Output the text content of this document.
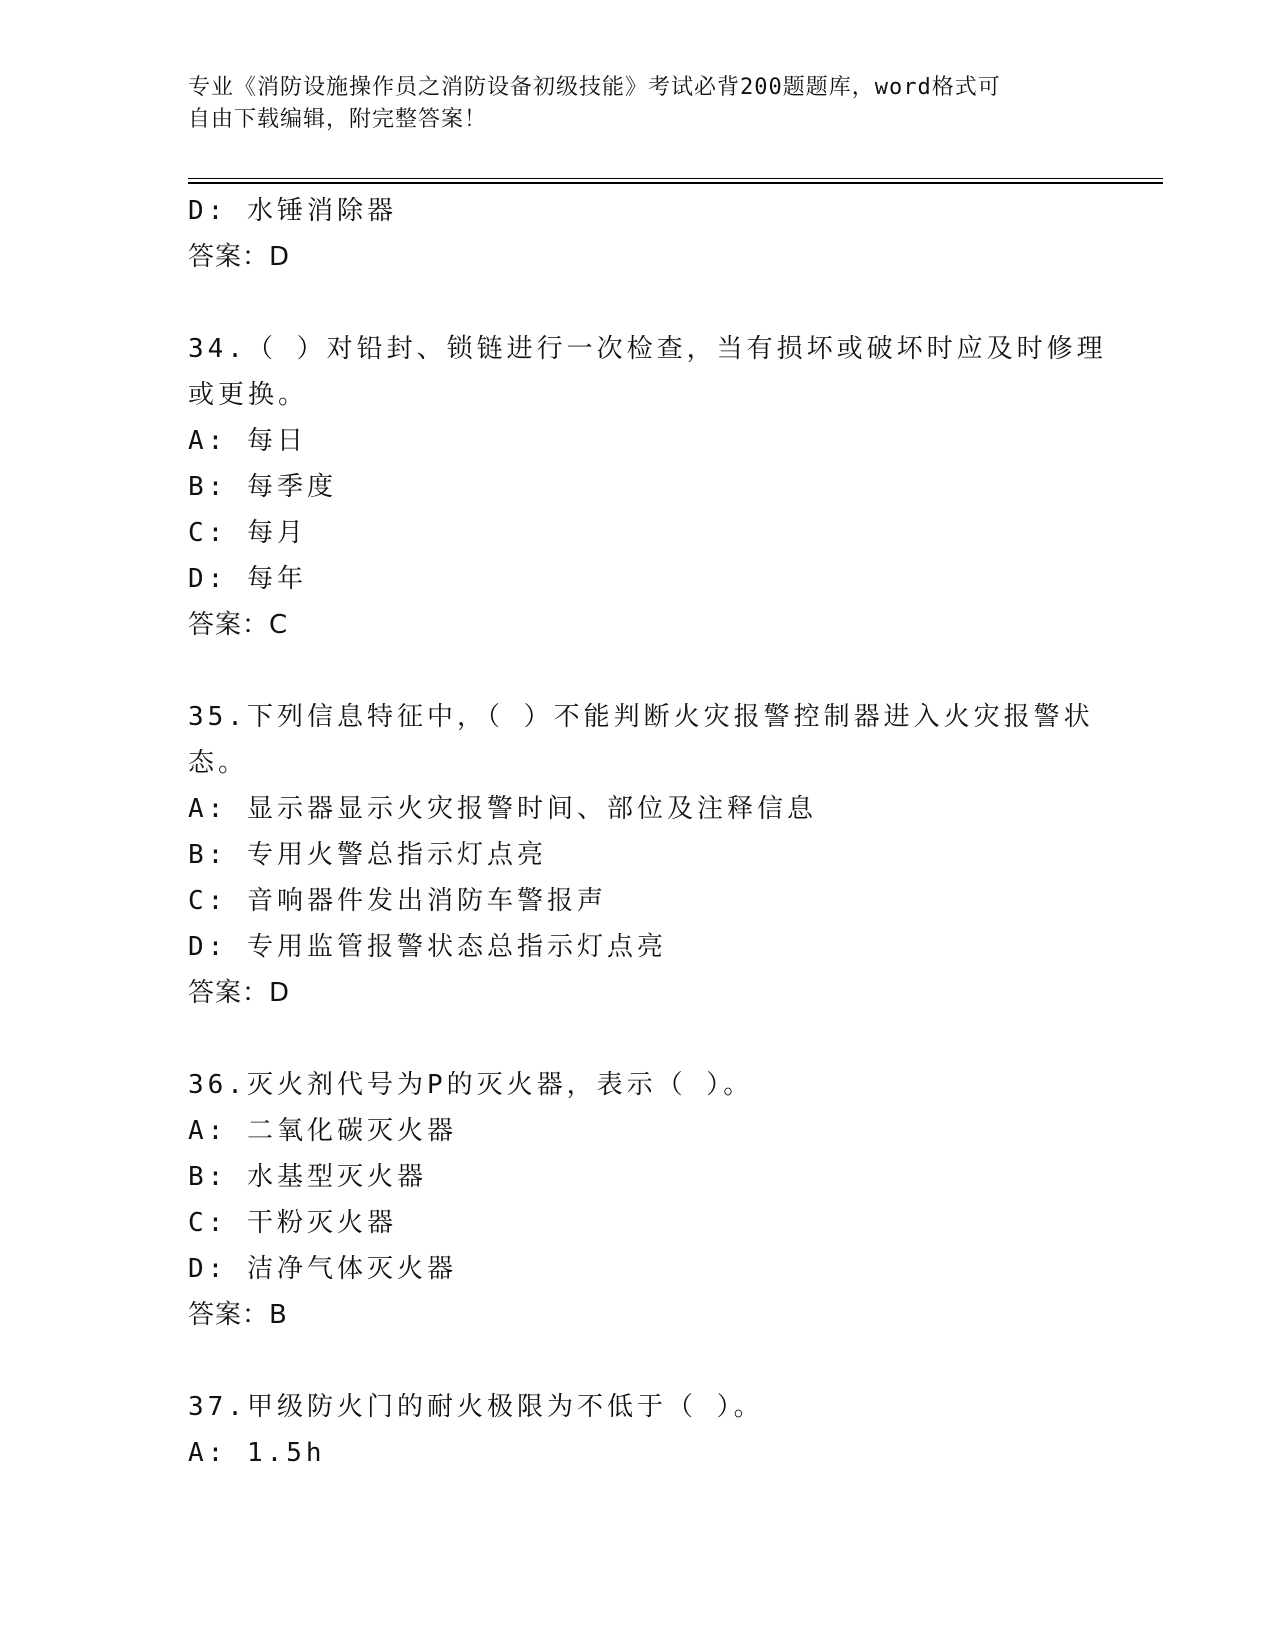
专业《消防设施操作员之消防设备初级技能》考试必背200题题库，word格式可
自由下载编辑，附完整答案！
D: 水锤消除器
答案：D
34.（ ）对铅封、锁链进行一次检查，当有损坏或破坏时应及时修理
或更换。
A: 每日
B: 每季度
C: 每月
D: 每年
答案：C
35.下列信息特征中，（ ）不能判断火灾报警控制器进入火灾报警状
态。
A: 显示器显示火灾报警时间、部位及注释信息
B: 专用火警总指示灯点亮
C: 音响器件发出消防车警报声
D: 专用监管报警状态总指示灯点亮
答案：D
36.灭火剂代号为P的灭火器，表示（ ）。
A: 二氧化碳灭火器
B: 水基型灭火器
C: 干粉灭火器
D: 洁净气体灭火器
答案：B
37.甲级防火门的耐火极限为不低于（ ）。
A: 1.5h
